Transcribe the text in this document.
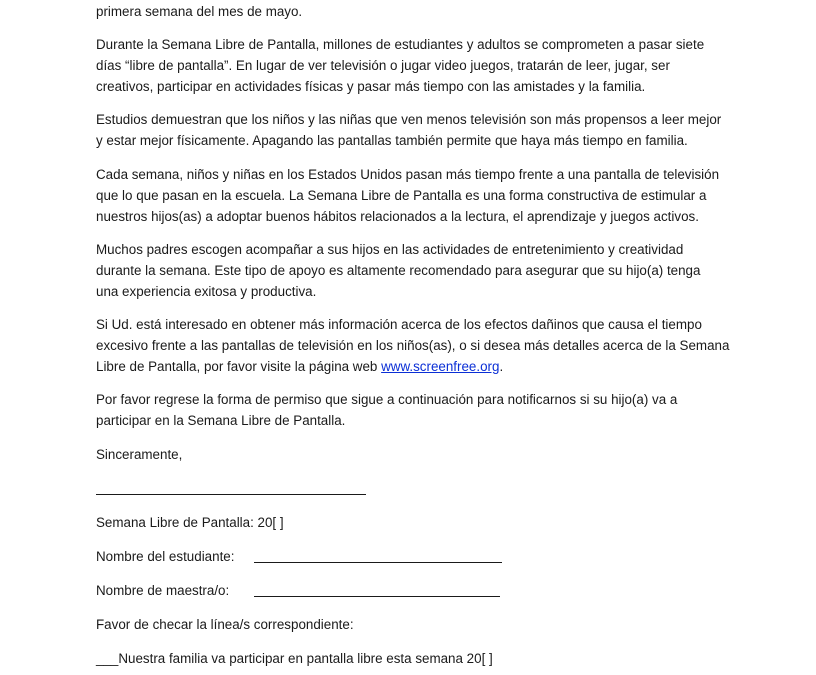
primera semana del mes de mayo.
Durante la Semana Libre de Pantalla, millones de estudiantes y adultos se comprometen a pasar siete
días “libre de pantalla”. En lugar de ver televisión o jugar video juegos, tratarán de leer, jugar, ser
creativos, participar en actividades físicas y pasar más tiempo con las amistades y la familia.
Estudios demuestran que los niños y las niñas que ven menos televisión son más propensos a leer mejor
y estar mejor físicamente. Apagando las pantallas también permite que haya más tiempo en familia.
Cada semana, niños y niñas en los Estados Unidos pasan más tiempo frente a una pantalla de televisión
que lo que pasan en la escuela. La Semana Libre de Pantalla es una forma constructiva de estimular a
nuestros hijos(as) a adoptar buenos hábitos relacionados a la lectura, el aprendizaje y juegos activos.
Muchos padres escogen acompañar a sus hijos en las actividades de entretenimiento y creatividad
durante la semana. Este tipo de apoyo es altamente recomendado para asegurar que su hijo(a) tenga
una experiencia exitosa y productiva.
Si Ud. está interesado en obtener más información acerca de los efectos dañinos que causa el tiempo
excesivo frente a las pantallas de televisión en los niños(as), o si desea más detalles acerca de la Semana
Libre de Pantalla, por favor visite la página web www.screenfree.org.
Por favor regrese la forma de permiso que sigue a continuación para notificarnos si su hijo(a) va a
participar en la Semana Libre de Pantalla.
Sinceramente,
Semana Libre de Pantalla: 20[ ]
Nombre del estudiante:
Nombre de maestra/o:
Favor de checar la línea/s correspondiente:
___Nuestra familia va participar en pantalla libre esta semana 20[ ]
